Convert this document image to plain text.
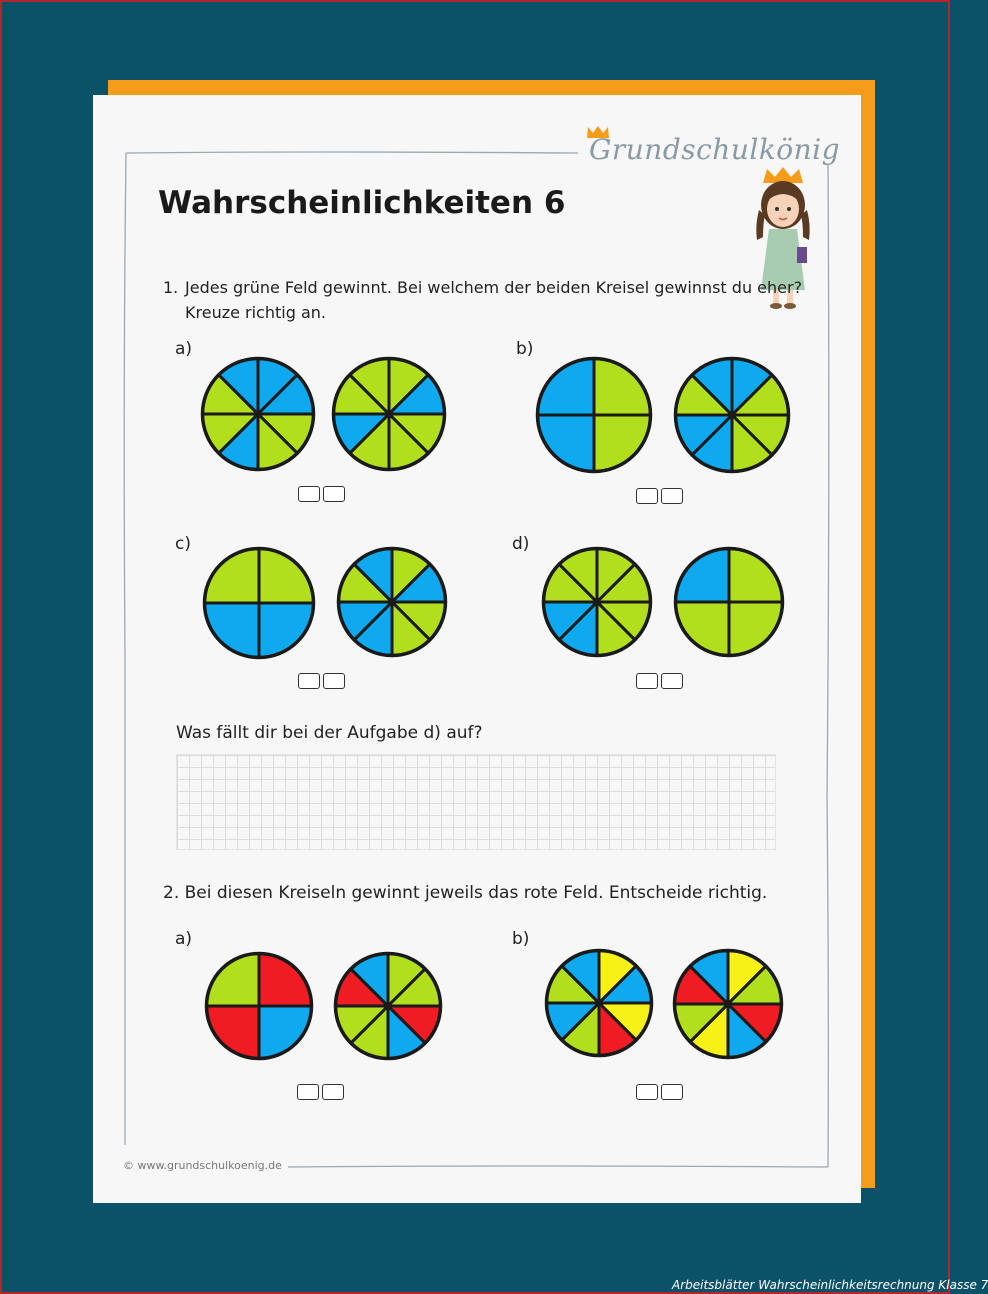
Grundschulkönig
Wahrscheinlichkeiten 6
1. Jedes grüne Feld gewinnt. Bei welchem der beiden Kreisel gewinnst du eher?
Kreuze richtig an.
a)	b)
c)	d)
Was fällt dir bei der Aufgabe d) auf?
2. Bei diesen Kreiseln gewinnt jeweils das rote Feld. Entscheide richtig.
a)	b)
© www.grundschulkoenig.de
Arbeitsblätter Wahrscheinlichkeitsrechnung Klasse 7
